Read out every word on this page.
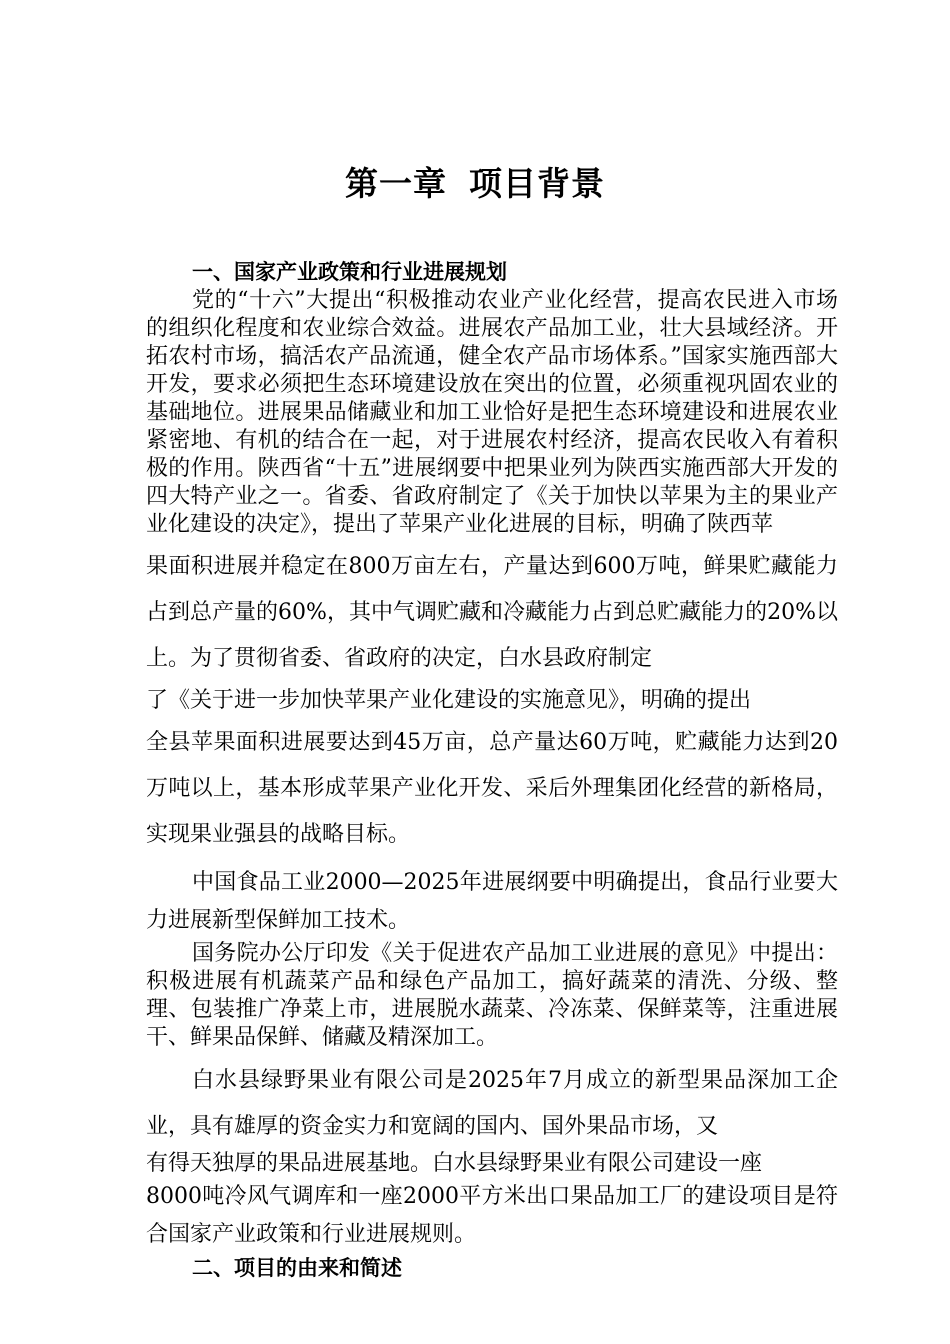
第一章 项目背景
一、国家产业政策和行业进展规划

党的“十六”大提出“积极推动农业产业化经营，提高农民进入市场的组织化程度和农业综合效益。进展农产品加工业，壮大县域经济。开拓农村市场，搞活农产品流通，健全农产品市场体系。”国家实施西部大开发，要求必须把生态环境建设放在突出的位置，必须重视巩固农业的基础地位。进展果品储藏业和加工业恰好是把生态环境建设和进展农业紧密地、有机的结合在一起，对于进展农村经济，提高农民收入有着积极的作用。陕西省“十五”进展纲要中把果业列为陕西实施西部大开发的四大特产业之一。省委、省政府制定了《关于加快以苹果为主的果业产业化建设的决定》，提出了苹果产业化进展的目标，明确了陕西苹

果面积进展并稳定在800万亩左右，产量达到600万吨，鲜果贮藏能力占到总产量的60%，其中气调贮藏和冷藏能力占到总贮藏能力的20%以上。为了贯彻省委、省政府的决定，白水县政府制定

了《关于进一步加快苹果产业化建设的实施意见》，明确的提出

全县苹果面积进展要达到45万亩，总产量达60万吨，贮藏能力达到20万吨以上，基本形成苹果产业化开发、采后外理集团化经营的新格局，实现果业强县的战略目标。

中国食品工业2000—2025年进展纲要中明确提出，食品行业要大力进展新型保鲜加工技术。

国务院办公厅印发《关于促进农产品加工业进展的意见》中提出：积极进展有机蔬菜产品和绿色产品加工，搞好蔬菜的清洗、分级、整理、包装推广净菜上市，进展脱水蔬菜、冷冻菜、保鲜菜等，注重进展干、鲜果品保鲜、储藏及精深加工。

白水县绿野果业有限公司是2025年7月成立的新型果品深加工企业，具有雄厚的资金实力和宽阔的国内、国外果品市场，又

有得天独厚的果品进展基地。白水县绿野果业有限公司建设一座

8000吨冷风气调库和一座2000平方米出口果品加工厂的建设项目是符合国家产业政策和行业进展规则。

二、项目的由来和简述
